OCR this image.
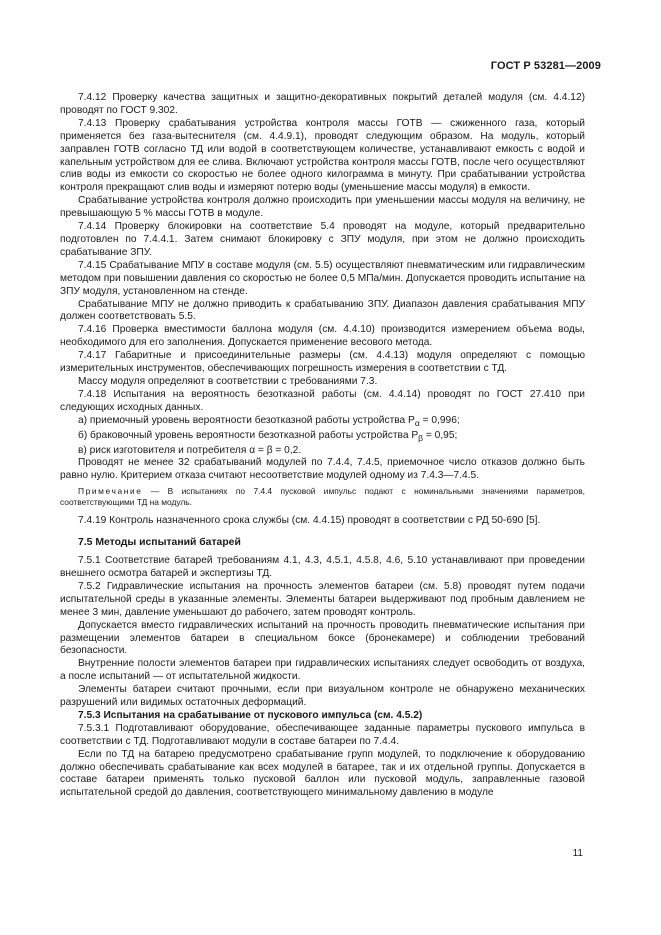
ГОСТ Р 53281—2009

7.4.12 Проверку качества защитных и защитно-декоративных покрытий деталей модуля (см. 4.4.12) проводят по ГОСТ 9.302.

7.4.13 Проверку срабатывания устройства контроля массы ГОТВ — сжиженного газа, который применяется без газа-вытеснителя (см. 4.4.9.1), проводят следующим образом. На модуль, который заправлен ГОТВ согласно ТД или водой в соответствующем количестве, устанавливают емкость с водой и капельным устройством для ее слива. Включают устройства контроля массы ГОТВ, после чего осуществляют слив воды из емкости со скоростью не более одного килограмма в минуту. При срабатывании устройства контроля прекращают слив воды и измеряют потерю воды (уменьшение массы модуля) в емкости.

Срабатывание устройства контроля должно происходить при уменьшении массы модуля на величину, не превышающую 5 % массы ГОТВ в модуле.

7.4.14 Проверку блокировки на соответствие 5.4 проводят на модуле, который предварительно подготовлен по 7.4.4.1. Затем снимают блокировку с ЗПУ модуля, при этом не должно происходить срабатывание ЗПУ.

7.4.15 Срабатывание МПУ в составе модуля (см. 5.5) осуществляют пневматическим или гидравлическим методом при повышении давления со скоростью не более 0,5 МПа/мин. Допускается проводить испытание на ЗПУ модуля, установленном на стенде.

Срабатывание МПУ не должно приводить к срабатыванию ЗПУ. Диапазон давления срабатывания МПУ должен соответствовать 5.5.

7.4.16 Проверка вместимости баллона модуля (см. 4.4.10) производится измерением объема воды, необходимого для его заполнения. Допускается применение весового метода.

7.4.17 Габаритные и присоединительные размеры (см. 4.4.13) модуля определяют с помощью измерительных инструментов, обеспечивающих погрешность измерения в соответствии с ТД.

Массу модуля определяют в соответствии с требованиями 7.3.

7.4.18 Испытания на вероятность безотказной работы (см. 4.4.14) проводят по ГОСТ 27.410 при следующих исходных данных.

а) приемочный уровень вероятности безотказной работы устройства $P_\alpha = 0,996$;

б) браковочный уровень вероятности безотказной работы устройства $P_\beta = 0,95$;

в) риск изготовителя и потребителя α = β = 0,2.

Проводят не менее 32 срабатываний модулей по 7.4.4, 7.4.5, приемочное число отказов должно быть равно нулю. Критерием отказа считают несоответствие модулей одному из 7.4.3—7.4.5.

Примечание — В испытаниях по 7.4.4 пусковой импульс подают с номинальными значениями параметров, соответствующими ТД на модуль.

7.4.19 Контроль назначенного срока службы (см. 4.4.15) проводят в соответствии с РД 50-690 [5].

7.5 Методы испытаний батарей

7.5.1 Соответствие батарей требованиям 4.1, 4.3, 4.5.1, 4.5.8, 4.6, 5.10 устанавливают при проведении внешнего осмотра батарей и экспертизы ТД.

7.5.2 Гидравлические испытания на прочность элементов батареи (см. 5.8) проводят путем подачи испытательной среды в указанные элементы. Элементы батареи выдерживают под пробным давлением не менее 3 мин, давление уменьшают до рабочего, затем проводят контроль.

Допускается вместо гидравлических испытаний на прочность проводить пневматические испытания при размещении элементов батареи в специальном боксе (бронекамере) и соблюдении требований безопасности.

Внутренние полости элементов батареи при гидравлических испытаниях следует освободить от воздуха, а после испытаний — от испытательной жидкости.

Элементы батареи считают прочными, если при визуальном контроле не обнаружено механических разрушений или видимых остаточных деформаций.

7.5.3 Испытания на срабатывание от пускового импульса (см. 4.5.2)

7.5.3.1 Подготавливают оборудование, обеспечивающее заданные параметры пускового импульса в соответствии с ТД. Подготавливают модули в составе батареи по 7.4.4.

Если по ТД на батарею предусмотрено срабатывание групп модулей, то подключение к оборудованию должно обеспечивать срабатывание как всех модулей в батарее, так и их отдельной группы. Допускается в составе батареи применять только пусковой баллон или пусковой модуль, заправленные газовой испытательной средой до давления, соответствующего минимальному давлению в модуле

11
